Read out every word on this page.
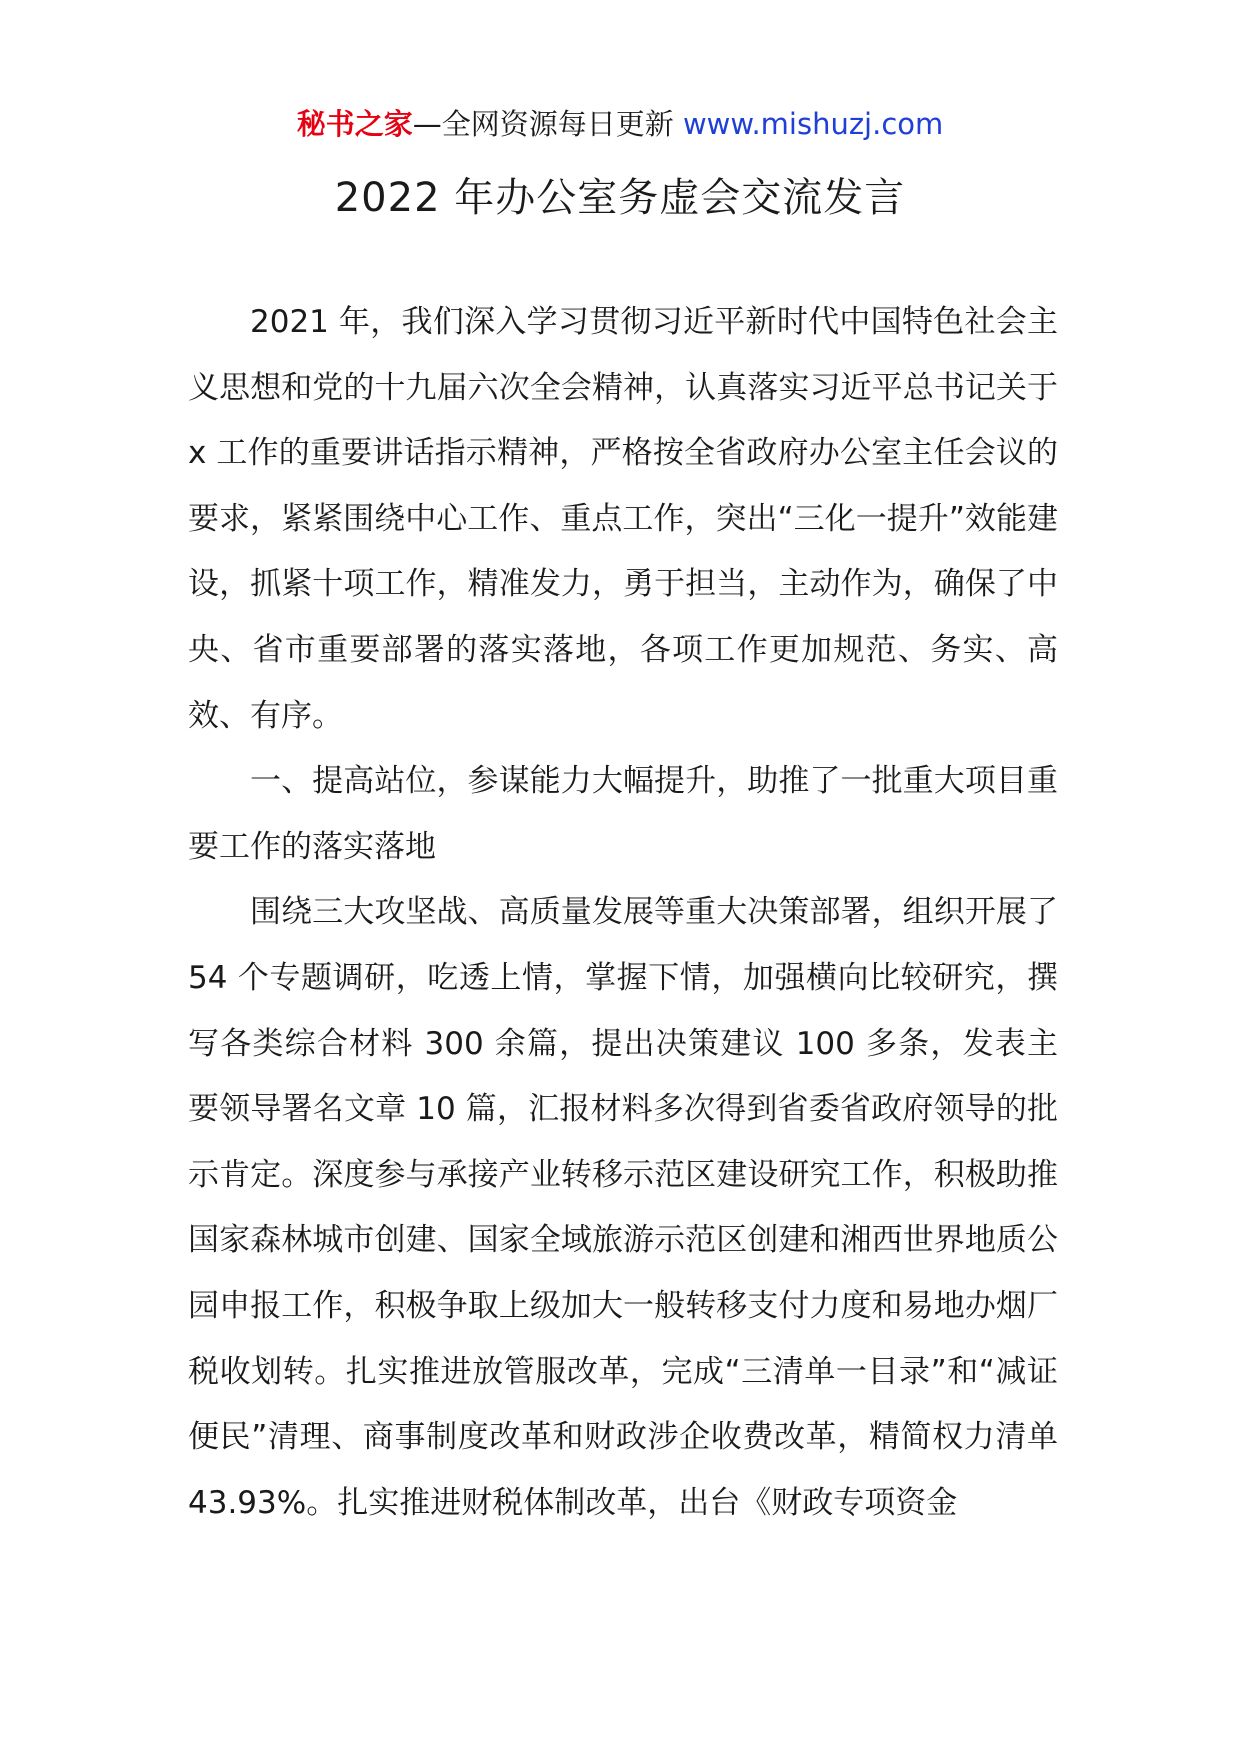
秘书之家—全网资源每日更新 www.mishuzj.com
2022 年办公室务虚会交流发言

2021 年，我们深入学习贯彻习近平新时代中国特色社会主义思想和党的十九届六次全会精神，认真落实习近平总书记关于 x 工作的重要讲话指示精神，严格按全省政府办公室主任会议的要求，紧紧围绕中心工作、重点工作，突出“三化一提升”效能建设，抓紧十项工作，精准发力，勇于担当，主动作为，确保了中央、省市重要部署的落实落地，各项工作更加规范、务实、高效、有序。

一、提高站位，参谋能力大幅提升，助推了一批重大项目重要工作的落实落地

围绕三大攻坚战、高质量发展等重大决策部署，组织开展了 54 个专题调研，吃透上情，掌握下情，加强横向比较研究，撰写各类综合材料 300 余篇，提出决策建议 100 多条，发表主要领导署名文章 10 篇，汇报材料多次得到省委省政府领导的批示肯定。深度参与承接产业转移示范区建设研究工作，积极助推国家森林城市创建、国家全域旅游示范区创建和湘西世界地质公园申报工作，积极争取上级加大一般转移支付力度和易地办烟厂税收划转。扎实推进放管服改革，完成“三清单一目录”和“减证便民”清理、商事制度改革和财政涉企收费改革，精简权力清单 43.93%。扎实推进财税体制改革，出台《财政专项资金
